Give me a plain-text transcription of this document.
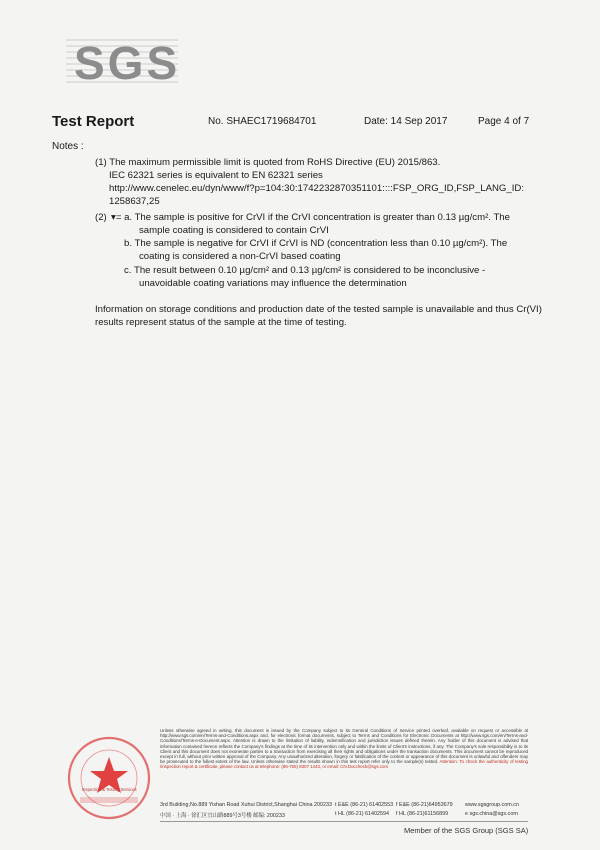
SGS
Test Report	No. SHAEC1719684701	Date: 14 Sep 2017	Page 4 of 7
Notes :
(1) The maximum permissible limit is quoted from RoHS Directive (EU) 2015/863.
IEC 62321 series is equivalent to EN 62321 series
http://www.cenelec.eu/dyn/www/f?p=104:30:1742232870351101::::FSP_ORG_ID,FSP_LANG_ID:
1258637,25
(2) ▾= a. The sample is positive for CrVI if the CrVI concentration is greater than 0.13 µg/cm². The
sample coating is considered to contain CrVI
b. The sample is negative for CrVI if CrVI is ND (concentration less than 0.10 µg/cm²). The
coating is considered a non-CrVI based coating
c. The result between 0.10 µg/cm² and 0.13 µg/cm² is considered to be inconclusive -
unavoidable coating variations may influence the determination
Information on storage conditions and production date of the tested sample is unavailable and thus Cr(VI)
results represent status of the sample at the time of testing.
Inspection & Testing Services
Unless otherwise agreed in writing, this document is issued by the Company subject to its General Conditions of Service printed overleaf, available on request or accessible at http://www.sgs.com/en/Terms-and-Conditions.aspx and, for electronic format documents, subject to Terms and Conditions for Electronic Documents at http://www.sgs.com/en/Terms-and-Conditions/Terms-e-Document.aspx. Attention is drawn to the limitation of liability, indemnification and jurisdiction issues defined therein. Any holder of this document is advised that information contained hereon reflects the Company's findings at the time of its intervention only and within the limits of Client's instructions, if any. The Company's sole responsibility is to its Client and this document does not exonerate parties to a transaction from exercising all their rights and obligations under the transaction documents. This document cannot be reproduced except in full, without prior written approval of the Company. Any unauthorized alteration, forgery or falsification of the content or appearance of this document is unlawful and offenders may be prosecuted to the fullest extent of the law. Unless otherwise stated the results shown in this test report refer only to the sample(s) tested. Attention: To check the authenticity of testing /inspection report & certificate, please contact us at telephone: (86-755) 8307 1443, or email: CN.Doccheck@sgs.com
3rd Building,No.889 Yishan Road Xuhui District,Shanghai China 200233
中国 · 上海 · 徐汇区宜山路889号3号楼 邮编: 200233
t E&E (86-21) 61402553 f E&E (86-21)64953679
t HL (86-21) 61402594 f HL (86-21)61156899
www.sgsgroup.com.cn
e sgs.china@sgs.com
Member of the SGS Group (SGS SA)
